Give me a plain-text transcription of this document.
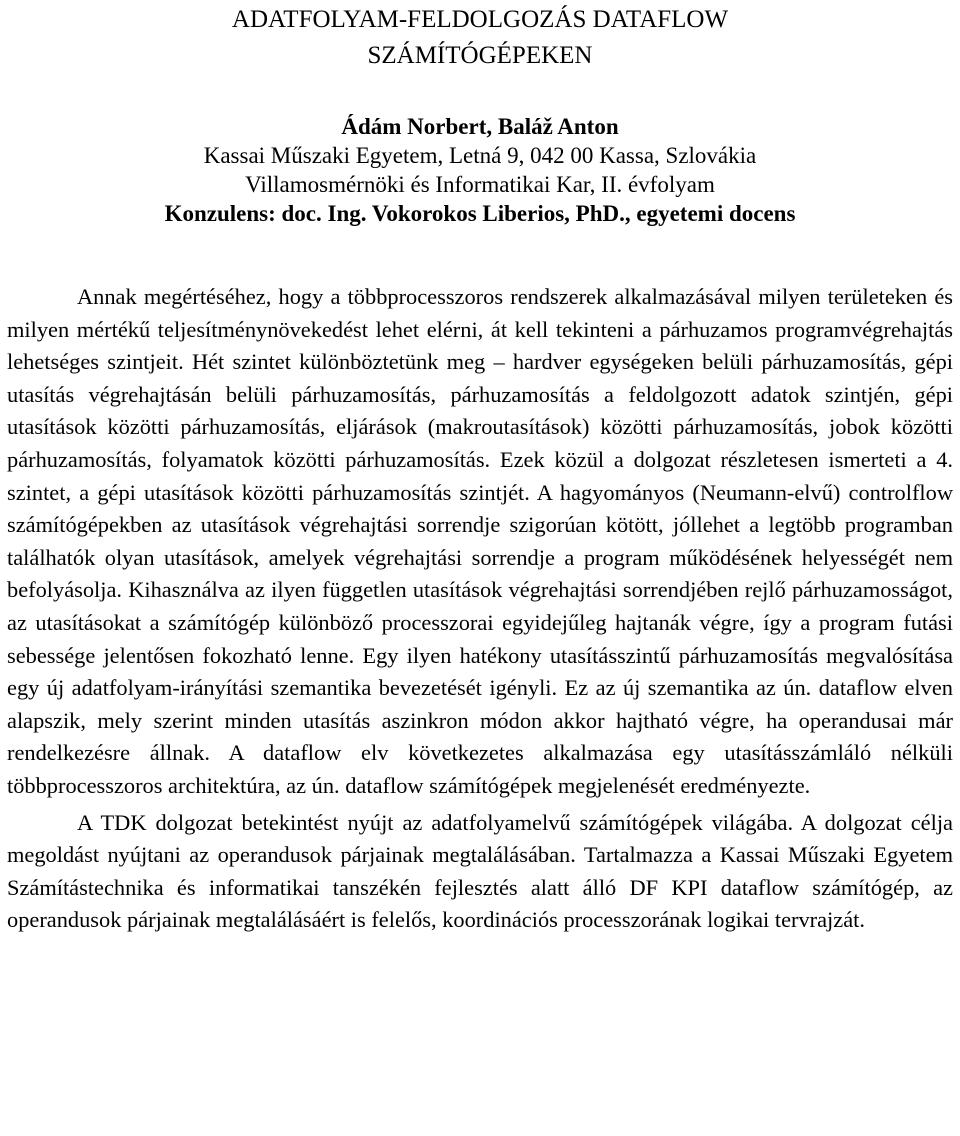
ADATFOLYAM-FELDOLGOZÁS DATAFLOW
SZÁMÍTÓGÉPEKEN
Ádám Norbert, Baláž Anton
Kassai Műszaki Egyetem, Letná 9, 042 00 Kassa, Szlovákia
Villamosmérnöki és Informatikai Kar, II. évfolyam
Konzulens: doc. Ing. Vokorokos Liberios, PhD., egyetemi docens

Annak megértéséhez, hogy a többprocesszoros rendszerek alkalmazásával milyen területeken és milyen mértékű teljesítménynövekedést lehet elérni, át kell tekinteni a párhuzamos programvégrehajtás lehetséges szintjeit. Hét szintet különböztetünk meg – hardver egységeken belüli párhuzamosítás, gépi utasítás végrehajtásán belüli párhuzamosítás, párhuzamosítás a feldolgozott adatok szintjén, gépi utasítások közötti párhuzamosítás, eljárások (makroutasítások) közötti párhuzamosítás, jobok közötti párhuzamosítás, folyamatok közötti párhuzamosítás. Ezek közül a dolgozat részletesen ismerteti a 4. szintet, a gépi utasítások közötti párhuzamosítás szintjét. A hagyományos (Neumann-elvű) controlflow számítógépekben az utasítások végrehajtási sorrendje szigorúan kötött, jóllehet a legtöbb programban találhatók olyan utasítások, amelyek végrehajtási sorrendje a program működésének helyességét nem befolyásolja. Kihasználva az ilyen független utasítások végrehajtási sorrendjében rejlő párhuzamosságot, az utasításokat a számítógép különböző processzorai egyidejűleg hajtanák végre, így a program futási sebessége jelentősen fokozható lenne. Egy ilyen hatékony utasításszintű párhuzamosítás megvalósítása egy új adatfolyam-irányítási szemantika bevezetését igényli. Ez az új szemantika az ún. dataflow elven alapszik, mely szerint minden utasítás aszinkron módon akkor hajtható végre, ha operandusai már rendelkezésre állnak. A dataflow elv következetes alkalmazása egy utasításszámláló nélküli többprocesszoros architektúra, az ún. dataflow számítógépek megjelenését eredményezte.

A TDK dolgozat betekintést nyújt az adatfolyamelvű számítógépek világába. A dolgozat célja megoldást nyújtani az operandusok párjainak megtalálásában. Tartalmazza a Kassai Műszaki Egyetem Számítástechnika és informatikai tanszékén fejlesztés alatt álló DF KPI dataflow számítógép, az operandusok párjainak megtalálásáért is felelős, koordinációs processzorának logikai tervrajzát.
